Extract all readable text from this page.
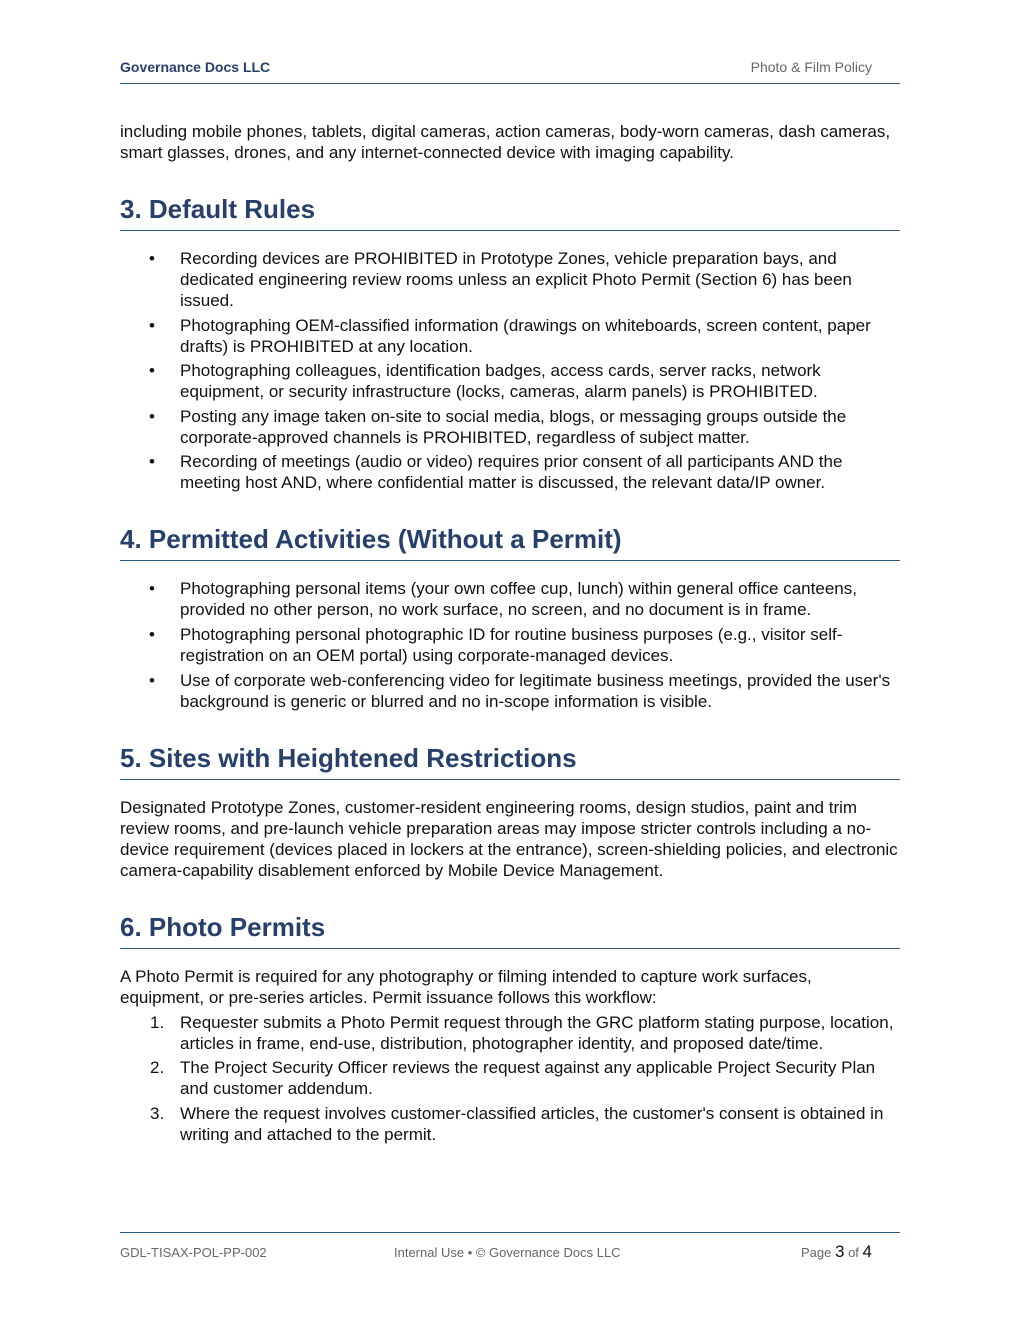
Governance Docs LLC	Photo & Film Policy

including mobile phones, tablets, digital cameras, action cameras, body-worn cameras, dash cameras, smart glasses, drones, and any internet-connected device with imaging capability.

3. Default Rules
• Recording devices are PROHIBITED in Prototype Zones, vehicle preparation bays, and dedicated engineering review rooms unless an explicit Photo Permit (Section 6) has been issued.
• Photographing OEM-classified information (drawings on whiteboards, screen content, paper drafts) is PROHIBITED at any location.
• Photographing colleagues, identification badges, access cards, server racks, network equipment, or security infrastructure (locks, cameras, alarm panels) is PROHIBITED.
• Posting any image taken on-site to social media, blogs, or messaging groups outside the corporate-approved channels is PROHIBITED, regardless of subject matter.
• Recording of meetings (audio or video) requires prior consent of all participants AND the meeting host AND, where confidential matter is discussed, the relevant data/IP owner.
4. Permitted Activities (Without a Permit)
• Photographing personal items (your own coffee cup, lunch) within general office canteens, provided no other person, no work surface, no screen, and no document is in frame.
• Photographing personal photographic ID for routine business purposes (e.g., visitor self-registration on an OEM portal) using corporate-managed devices.
• Use of corporate web-conferencing video for legitimate business meetings, provided the user's background is generic or blurred and no in-scope information is visible.
5. Sites with Heightened Restrictions

Designated Prototype Zones, customer-resident engineering rooms, design studios, paint and trim review rooms, and pre-launch vehicle preparation areas may impose stricter controls including a no-device requirement (devices placed in lockers at the entrance), screen-shielding policies, and electronic camera-capability disablement enforced by Mobile Device Management.

6. Photo Permits

A Photo Permit is required for any photography or filming intended to capture work surfaces, equipment, or pre-series articles. Permit issuance follows this workflow:

1. Requester submits a Photo Permit request through the GRC platform stating purpose, location, articles in frame, end-use, distribution, photographer identity, and proposed date/time.
2. The Project Security Officer reviews the request against any applicable Project Security Plan and customer addendum.
3. Where the request involves customer-classified articles, the customer's consent is obtained in writing and attached to the permit.
GDL-TISAX-POL-PP-002	Internal Use • © Governance Docs LLC	Page 3 of 4
